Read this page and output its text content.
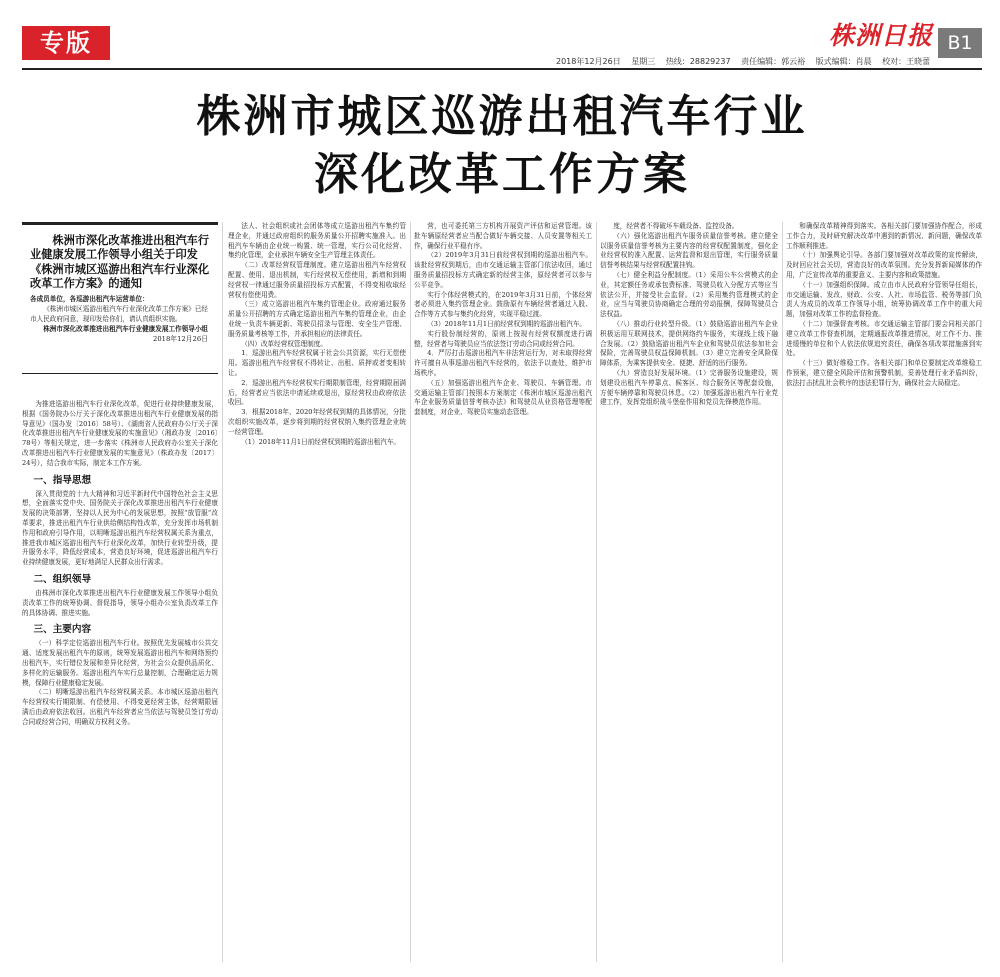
专版	株洲日报 B1
2018年12月26日 星期三 热线：28829237 责任编辑：郭云裕 版式编辑：肖晨 校对：王晓蕾
株洲市城区巡游出租汽车行业
深化改革工作方案
株洲市深化改革推进出租汽车行业健康发展工作领导小组关于印发《株洲市城区巡游出租汽车行业深化改革工作方案》的通知
各成员单位，各巡游出租汽车运营单位：
《株洲市城区巡游出租汽车行业深化改革工作方案》已经市人民政府同意，现印发给你们，请认真组织实施。
株洲市深化改革推进出租汽车行业健康发展工作领导小组
2018年12月26日

为推进巡游出租汽车行业深化改革，促进行业持续健康发展，根据《国务院办公厅关于深化改革推进出租汽车行业健康发展的指导意见》（国办发〔2016〕58号）、《湖南省人民政府办公厅关于深化改革推进出租汽车行业健康发展的实施意见》（湘政办发〔2016〕78号）等相关规定，进一步落实《株洲市人民政府办公室关于深化改革推进出租汽车行业健康发展的实施意见》（株政办发〔2017〕24号），结合我市实际，制定本工作方案。

一、指导思想

深入贯彻党的十九大精神和习近平新时代中国特色社会主义思想，全面落实党中央、国务院关于深化改革推进出租汽车行业健康发展的决策部署，坚持以人民为中心的发展思想，按照“放管服”改革要求，推进出租汽车行业供给侧结构性改革，充分发挥市场机制作用和政府引导作用，以明晰巡游出租汽车经营权属关系为重点，推进我市城区巡游出租汽车行业深化改革，加快行业转型升级，提升服务水平，降低经营成本，营造良好环境，促进巡游出租汽车行业持续健康发展，更好地满足人民群众出行需求。

二、组织领导

由株洲市深化改革推进出租汽车行业健康发展工作领导小组负责改革工作的统筹协调、督促指导，领导小组办公室负责改革工作的具体协调、推进实施。

三、主要内容

（一）科学定位巡游出租汽车行业。按照优先发展城市公共交通、适度发展出租汽车的原则，统筹发展巡游出租汽车和网络预约出租汽车，实行错位发展和差异化经营，为社会公众提供品质化、多样化的运输服务。巡游出租汽车实行总量控制，合理确定运力规模，保障行业健康稳定发展。

（二）明晰巡游出租汽车经营权属关系。本市城区巡游出租汽车经营权实行期限制、有偿使用、不得变更经营主体，经营期限届满后由政府依法收回。出租汽车经营者应当依法与驾驶员签订劳动合同或经营合同，明确双方权利义务。

法人、社会组织或社会团体等成立巡游出租汽车集约管理企业，并通过政府组织的服务质量公开招聘实施准入。出租汽车车辆由企业统一购置、统一管理，实行公司化经营、集约化管理，企业承担车辆安全生产管理主体责任。

（二）改革经营权管理制度。建立巡游出租汽车经营权配置、使用、退出机制，实行经营权无偿使用，新增和到期经营权一律通过服务质量招投标方式配置，不得变相收取经营权有偿使用费。

（三）成立巡游出租汽车集约管理企业。政府通过服务质量公开招聘的方式确定巡游出租汽车集约管理企业，由企业统一负责车辆更新、驾驶员招录与管理、安全生产管理、服务质量考核等工作，并承担相应的法律责任。

（四）改革经营权管理制度。

1．巡游出租汽车经营权属于社会公共资源，实行无偿使用。巡游出租汽车经营权不得转让、出租、质押或者变相转让。

2．巡游出租汽车经营权实行期限制管理，经营期限届满后，经营者应当依法申请延续或退出，原经营权由政府依法收回。

3．根据2018年、2020年经营权到期的具体情况，分批次组织实施改革，逐步将到期的经营权纳入集约管理企业统一经营管理。

（1）2018年11月1日前经营权到期的巡游出租汽车。

营，也可委托第三方机构开展资产评估和运营管理。该批车辆原经营者应当配合做好车辆交接、人员安置等相关工作，确保行业平稳有序。

（2）2019年3月31日前经营权到期的巡游出租汽车。该批经营权到期后，由市交通运输主管部门依法收回，通过服务质量招投标方式确定新的经营主体，原经营者可以参与公平竞争。

实行个体经营模式的，在2019年3月31日前，个体经营者必须进入集约管理企业。鼓励原有车辆经营者通过入股、合作等方式参与集约化经营，实现平稳过渡。

（3）2018年11月1日前经营权到期的巡游出租汽车。

实行股份制经营的，原则上按现有经营权额度进行调整，经营者与驾驶员应当依法签订劳动合同或经营合同。

4．严厉打击巡游出租汽车非法营运行为，对未取得经营许可擅自从事巡游出租汽车经营的，依法予以查处，维护市场秩序。

（五）加强巡游出租汽车企业、驾驶员、车辆管理。市交通运输主管部门按照本方案制定《株洲市城区巡游出租汽车企业服务质量信誉考核办法》和驾驶员从业资格管理等配套制度，对企业、驾驶员实施动态管理。

度，经营者不得破坏车载设备、监控设备。

（六）强化巡游出租汽车服务质量信誉考核。建立健全以服务质量信誉考核为主要内容的经营权配置制度，强化企业经营权的准入配置、运营监督和退出管理，实行服务质量信誉考核结果与经营权配置挂钩。

（七）健全利益分配制度。（1）采用公车公营模式的企业，其定额任务或承包费标准、驾驶员收入分配方式等应当依法公开，并接受社会监督。（2）采用集约管理模式的企业，应当与驾驶员协商确定合理的劳动报酬，保障驾驶员合法权益。

（八）推动行业转型升级。（1）鼓励巡游出租汽车企业积极运用互联网技术，提供网络约车服务，实现线上线下融合发展。（2）鼓励巡游出租汽车企业和驾驶员依法参加社会保险，完善驾驶员权益保障机制。（3）建立完善安全风险保障体系，为乘客提供安全、便捷、舒适的出行服务。

（九）营造良好发展环境。（1）完善服务设施建设，规划建设出租汽车停靠点、候客区、综合服务区等配套设施，方便车辆停靠和驾驶员休息。（2）加强巡游出租汽车行业党建工作，发挥党组织战斗堡垒作用和党员先锋模范作用。

和确保改革精神得到落实。各相关部门要加强协作配合，形成工作合力，及时研究解决改革中遇到的新情况、新问题，确保改革工作顺利推进。

（十）加强舆论引导。各部门要加强对改革政策的宣传解读，及时回应社会关切，营造良好的改革氛围。充分发挥新闻媒体的作用，广泛宣传改革的重要意义、主要内容和政策措施。

（十一）加强组织保障。成立由市人民政府分管领导任组长，市交通运输、发改、财政、公安、人社、市场监管、税务等部门负责人为成员的改革工作领导小组，统筹协调改革工作中的重大问题，加强对改革工作的监督检查。

（十二）加强督查考核。市交通运输主管部门要会同相关部门建立改革工作督查机制，定期通报改革推进情况，对工作不力、推进缓慢的单位和个人依法依规追究责任，确保各项改革措施落到实处。

（十三）做好维稳工作。各相关部门和单位要制定改革维稳工作预案，建立健全风险评估和预警机制，妥善处理行业矛盾纠纷，依法打击扰乱社会秩序的违法犯罪行为，确保社会大局稳定。
